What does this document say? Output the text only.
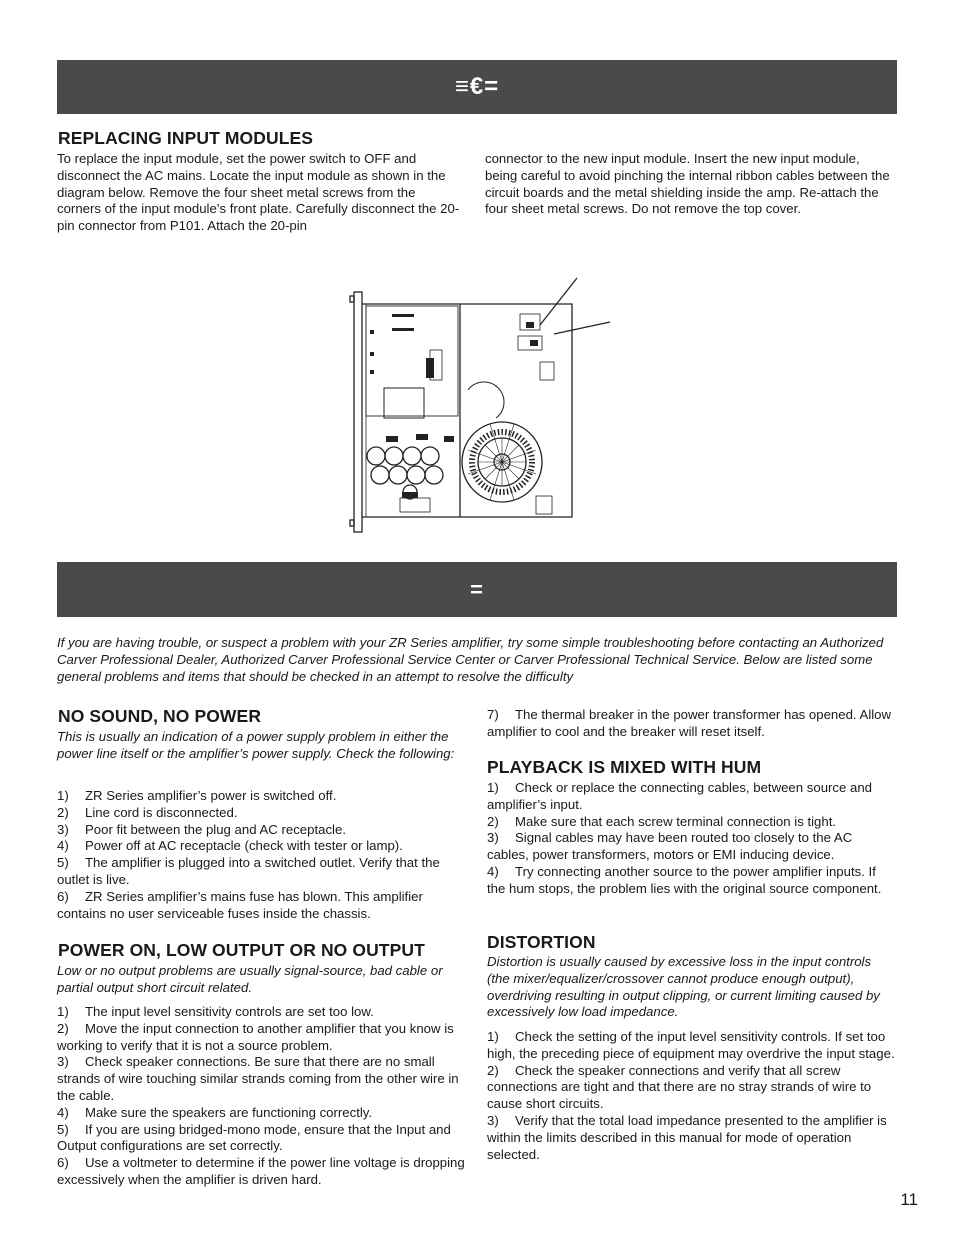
≡€=
REPLACING INPUT MODULES

To replace the input module, set the power switch to OFF and disconnect the AC mains. Locate the input module as shown in the diagram below. Remove the four sheet metal screws from the corners of the input module’s front plate. Carefully disconnect the 20-pin connector from P101. Attach the 20-pin

connector to the new input module. Insert the new input module, being careful to avoid pinching the internal ribbon cables between the circuit boards and the metal shielding inside the amp. Re-attach the four sheet metal screws. Do not remove the top cover.

=

If you are having trouble, or suspect a problem with your ZR Series amplifier, try some simple troubleshooting before contacting an Authorized Carver Professional Dealer, Authorized Carver Professional Service Center or Carver Professional Technical Service. Below are listed some general problems and items that should be checked in an attempt to resolve the difficulty

NO SOUND, NO POWER

This is usually an indication of a power supply problem in either the power line itself or the amplifier’s power supply. Check the following:

1) ZR Series amplifier’s power is switched off.
2) Line cord is disconnected.
3) Poor fit between the plug and AC receptacle.
4) Power off at AC receptacle (check with tester or lamp).
5) The amplifier is plugged into a switched outlet. Verify that the outlet is live.
6) ZR Series amplifier’s mains fuse has blown. This amplifier contains no user serviceable fuses inside the chassis.
POWER ON, LOW OUTPUT OR NO OUTPUT

Low or no output problems are usually signal-source, bad cable or partial output short circuit related.

1) The input level sensitivity controls are set too low.
2) Move the input connection to another amplifier that you know is working to verify that it is not a source problem.
3) Check speaker connections. Be sure that there are no small strands of wire touching similar strands coming from the other wire in the cable.
4) Make sure the speakers are functioning correctly.
5) If you are using bridged-mono mode, ensure that the Input and Output configurations are set correctly.
6) Use a voltmeter to determine if the power line voltage is dropping excessively when the amplifier is driven hard.
7) The thermal breaker in the power transformer has opened. Allow amplifier to cool and the breaker will reset itself.
PLAYBACK IS MIXED WITH HUM
1) Check or replace the connecting cables, between source and amplifier’s input.
2) Make sure that each screw terminal connection is tight.
3) Signal cables may have been routed too closely to the AC cables, power transformers, motors or EMI inducing device.
4) Try connecting another source to the power amplifier inputs. If the hum stops, the problem lies with the original source component.
DISTORTION

Distortion is usually caused by excessive loss in the input controls (the mixer/equalizer/crossover cannot produce enough output), overdriving resulting in output clipping, or current limiting caused by excessively low load impedance.

1) Check the setting of the input level sensitivity controls. If set too high, the preceding piece of equipment may overdrive the input stage.
2) Check the speaker connections and verify that all screw connections are tight and that there are no stray strands of wire to cause short circuits.
3) Verify that the total load impedance presented to the amplifier is within the limits described in this manual for mode of operation selected.
11
